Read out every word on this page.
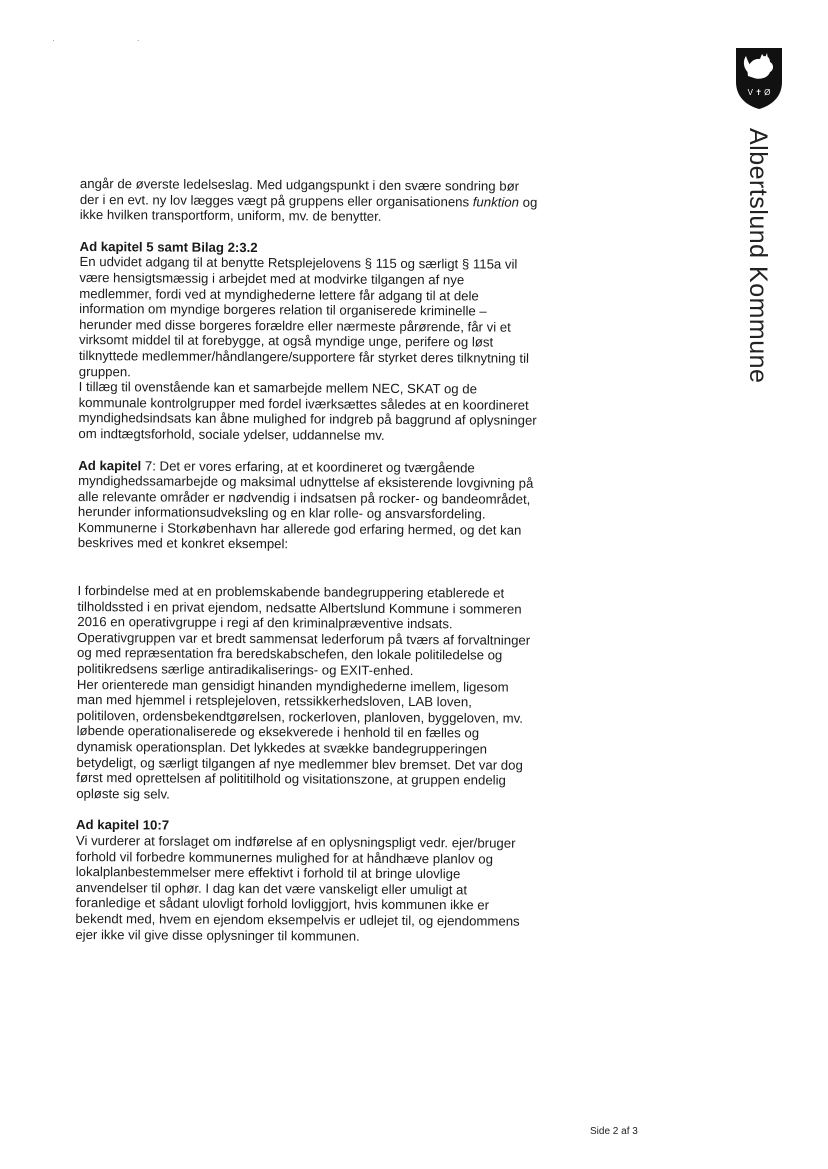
· ·
V ✝ Ø
Albertslund Kommune

angår de øverste ledelseslag. Med udgangspunkt i den svære sondring bør
der i en evt. ny lov lægges vægt på gruppens eller organisationens funktion og
ikke hvilken transportform, uniform, mv. de benytter.

Ad kapitel 5 samt Bilag 2:3.2
En udvidet adgang til at benytte Retsplejelovens § 115 og særligt § 115a vil
være hensigtsmæssig i arbejdet med at modvirke tilgangen af nye
medlemmer, fordi ved at myndighederne lettere får adgang til at dele
information om myndige borgeres relation til organiserede kriminelle –
herunder med disse borgeres forældre eller nærmeste pårørende, får vi et
virksomt middel til at forebygge, at også myndige unge, perifere og løst
tilknyttede medlemmer/håndlangere/supportere får styrket deres tilknytning til
gruppen.
I tillæg til ovenstående kan et samarbejde mellem NEC, SKAT og de
kommunale kontrolgrupper med fordel iværksættes således at en koordineret
myndighedsindsats kan åbne mulighed for indgreb på baggrund af oplysninger
om indtægtsforhold, sociale ydelser, uddannelse mv.

Ad kapitel 7: Det er vores erfaring, at et koordineret og tværgående
myndighedssamarbejde og maksimal udnyttelse af eksisterende lovgivning på
alle relevante områder er nødvendig i indsatsen på rocker- og bandeområdet,
herunder informationsudveksling og en klar rolle- og ansvarsfordeling.
Kommunerne i Storkøbenhavn har allerede god erfaring hermed, og det kan
beskrives med et konkret eksempel:

I forbindelse med at en problemskabende bandegruppering etablerede et
tilholdssted i en privat ejendom, nedsatte Albertslund Kommune i sommeren
2016 en operativgruppe i regi af den kriminalpræventive indsats.
Operativgruppen var et bredt sammensat lederforum på tværs af forvaltninger
og med repræsentation fra beredskabschefen, den lokale politiledelse og
politikredsens særlige antiradikaliserings- og EXIT-enhed.
Her orienterede man gensidigt hinanden myndighederne imellem, ligesom
man med hjemmel i retsplejeloven, retssikkerhedsloven, LAB loven,
politiloven, ordensbekendtgørelsen, rockerloven, planloven, byggeloven, mv.
løbende operationaliserede og eksekverede i henhold til en fælles og
dynamisk operationsplan. Det lykkedes at svække bandegrupperingen
betydeligt, og særligt tilgangen af nye medlemmer blev bremset. Det var dog
først med oprettelsen af polititilhold og visitationszone, at gruppen endelig
opløste sig selv.

Ad kapitel 10:7
Vi vurderer at forslaget om indførelse af en oplysningspligt vedr. ejer/bruger
forhold vil forbedre kommunernes mulighed for at håndhæve planlov og
lokalplanbestemmelser mere effektivt i forhold til at bringe ulovlige
anvendelser til ophør. I dag kan det være vanskeligt eller umuligt at
foranledige et sådant ulovligt forhold lovliggjort, hvis kommunen ikke er
bekendt med, hvem en ejendom eksempelvis er udlejet til, og ejendommens
ejer ikke vil give disse oplysninger til kommunen.

Side 2 af 3
